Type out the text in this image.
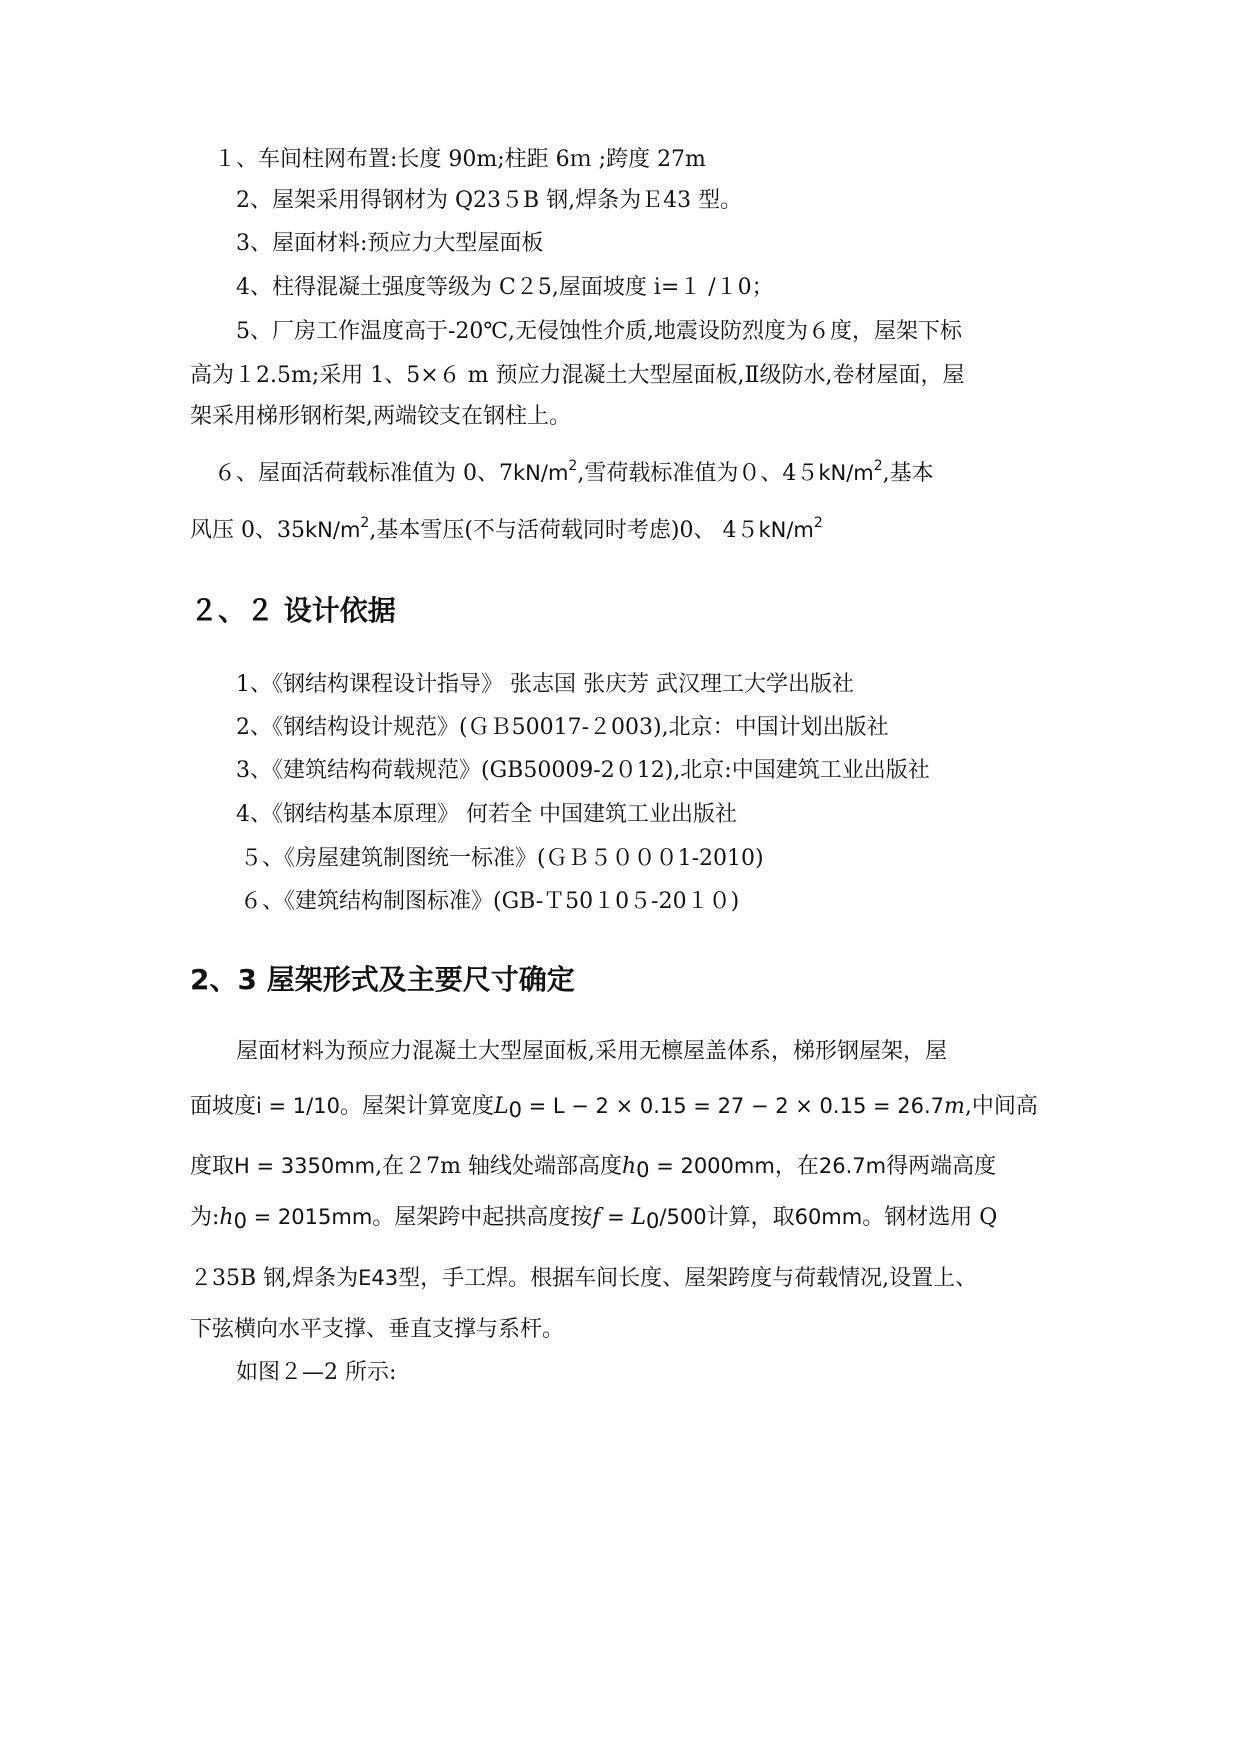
１、车间柱网布置:长度 90m;柱距 6ｍ ;跨度 27m
2、屋架采用得钢材为 Q23５B 钢,焊条为Ｅ43 型。
3、屋面材料:预应力大型屋面板
4、柱得混凝土强度等级为 C２5,屋面坡度 i=１ /１0；
5、厂房工作温度高于-20℃,无侵蚀性介质,地震设防烈度为６度，屋架下标
高为１2.5m;采用 1、5×６ m 预应力混凝土大型屋面板,Ⅱ级防水,卷材屋面，屋
架采用梯形钢桁架,两端铰支在钢柱上。
６、屋面活荷载标准值为 0、$7kN/m^2$,雪荷载标准值为０、$45kN/m^2$,基本
风压 0、$35kN/m^2$,基本雪压(不与活荷载同时考虑)0、 $45kN/m^2$
２、２ 设计依据
1、《钢结构课程设计指导》 张志国 张庆芳 武汉理工大学出版社
2、《钢结构设计规范》(ＧＢ50017-２003),北京：中国计划出版社
3、《建筑结构荷载规范》(GB50009-2０12),北京:中国建筑工业出版社
4、《钢结构基本原理》 何若全 中国建筑工业出版社
５、《房屋建筑制图统一标准》(ＧＢ５０００1-2010)
６、《建筑结构制图标准》(GB-Ｔ50１0５-20１０)
2、3 屋架形式及主要尺寸确定
屋面材料为预应力混凝土大型屋面板,采用无檩屋盖体系，梯形钢屋架，屋
面坡度i = 1/10。屋架计算宽度$L_0 = L - 2 \times 0.15 = 27 - 2 \times 0.15 = 26.7m$,中间高
度取H = 3350mm,在２7m 轴线处端部高度$h_0 = 2000mm$，在26.7m得两端高度
为$:h_0 = 2015mm$。屋架跨中起拱高度按$f = L_0/500$计算，取60mm。钢材选用 Q
２35B 钢,焊条为E43型，手工焊。根据车间长度、屋架跨度与荷载情况,设置上、
下弦横向水平支撑、垂直支撑与系杆。
如图２—2 所示:
